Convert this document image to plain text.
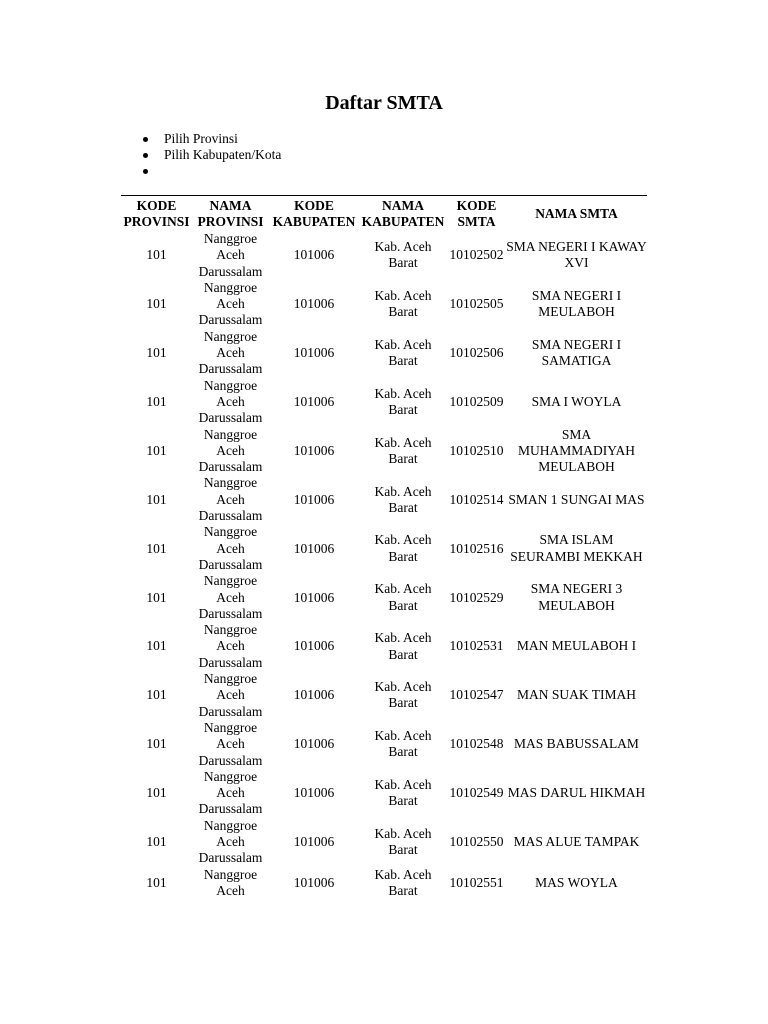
Daftar SMTA
Pilih Provinsi
Pilih Kabupaten/Kota
KODE PROVINSI	NAMA PROVINSI	KODE KABUPATEN	NAMA KABUPATEN	KODE SMTA	NAMA SMTA
101	Nanggroe Aceh Darussalam	101006	Kab. Aceh Barat	10102502	SMA NEGERI I KAWAY XVI
101	Nanggroe Aceh Darussalam	101006	Kab. Aceh Barat	10102505	SMA NEGERI I MEULABOH
101	Nanggroe Aceh Darussalam	101006	Kab. Aceh Barat	10102506	SMA NEGERI I SAMATIGA
101	Nanggroe Aceh Darussalam	101006	Kab. Aceh Barat	10102509	SMA I WOYLA
101	Nanggroe Aceh Darussalam	101006	Kab. Aceh Barat	10102510	SMA MUHAMMADIYAH MEULABOH
101	Nanggroe Aceh Darussalam	101006	Kab. Aceh Barat	10102514	SMAN 1 SUNGAI MAS
101	Nanggroe Aceh Darussalam	101006	Kab. Aceh Barat	10102516	SMA ISLAM SEURAMBI MEKKAH
101	Nanggroe Aceh Darussalam	101006	Kab. Aceh Barat	10102529	SMA NEGERI 3 MEULABOH
101	Nanggroe Aceh Darussalam	101006	Kab. Aceh Barat	10102531	MAN MEULABOH I
101	Nanggroe Aceh Darussalam	101006	Kab. Aceh Barat	10102547	MAN SUAK TIMAH
101	Nanggroe Aceh Darussalam	101006	Kab. Aceh Barat	10102548	MAS BABUSSALAM
101	Nanggroe Aceh Darussalam	101006	Kab. Aceh Barat	10102549	MAS DARUL HIKMAH
101	Nanggroe Aceh Darussalam	101006	Kab. Aceh Barat	10102550	MAS ALUE TAMPAK
101	Nanggroe Aceh	101006	Kab. Aceh Barat	10102551	MAS WOYLA
